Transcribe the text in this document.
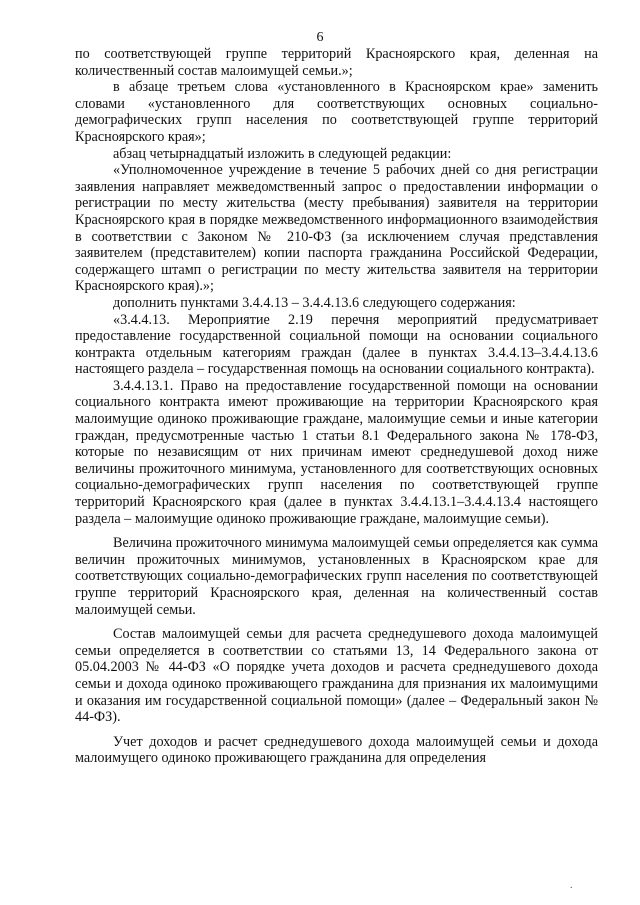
6

по соответствующей группе территорий Красноярского края, деленная на количественный состав малоимущей семьи.»;

в абзаце третьем слова «установленного в Красноярском крае» заменить словами «установленного для соответствующих основных социально-демографических групп населения по соответствующей группе территорий Красноярского края»;

абзац четырнадцатый изложить в следующей редакции:

«Уполномоченное учреждение в течение 5 рабочих дней со дня регистрации заявления направляет межведомственный запрос о предоставлении информации о регистрации по месту жительства (месту пребывания) заявителя на территории Красноярского края в порядке межведомственного информационного взаимодействия в соответствии с Законом № 210-ФЗ (за исключением случая представления заявителем (представителем) копии паспорта гражданина Российской Федерации, содержащего штамп о регистрации по месту жительства заявителя на территории Красноярского края).»;

дополнить пунктами 3.4.4.13 – 3.4.4.13.6 следующего содержания:

«3.4.4.13. Мероприятие 2.19 перечня мероприятий предусматривает предоставление государственной социальной помощи на основании социального контракта отдельным категориям граждан (далее в пунктах 3.4.4.13–3.4.4.13.6 настоящего раздела – государственная помощь на основании социального контракта).

3.4.4.13.1. Право на предоставление государственной помощи на основании социального контракта имеют проживающие на территории Красноярского края малоимущие одиноко проживающие граждане, малоимущие семьи и иные категории граждан, предусмотренные частью 1 статьи 8.1 Федерального закона № 178-ФЗ, которые по независящим от них причинам имеют среднедушевой доход ниже величины прожиточного минимума, установленного для соответствующих основных социально-демографических групп населения по соответствующей группе территорий Красноярского края (далее в пунктах 3.4.4.13.1–3.4.4.13.4 настоящего раздела – малоимущие одиноко проживающие граждане, малоимущие семьи).

Величина прожиточного минимума малоимущей семьи определяется как сумма величин прожиточных минимумов, установленных в Красноярском крае для соответствующих социально-демографических групп населения по соответствующей группе территорий Красноярского края, деленная на количественный состав малоимущей семьи.

Состав малоимущей семьи для расчета среднедушевого дохода малоимущей семьи определяется в соответствии со статьями 13, 14 Федерального закона от 05.04.2003 № 44-ФЗ «О порядке учета доходов и расчета среднедушевого дохода семьи и дохода одиноко проживающего гражданина для признания их малоимущими и оказания им государственной социальной помощи» (далее – Федеральный закон № 44-ФЗ).

Учет доходов и расчет среднедушевого дохода малоимущей семьи и дохода малоимущего одиноко проживающего гражданина для определения

.
